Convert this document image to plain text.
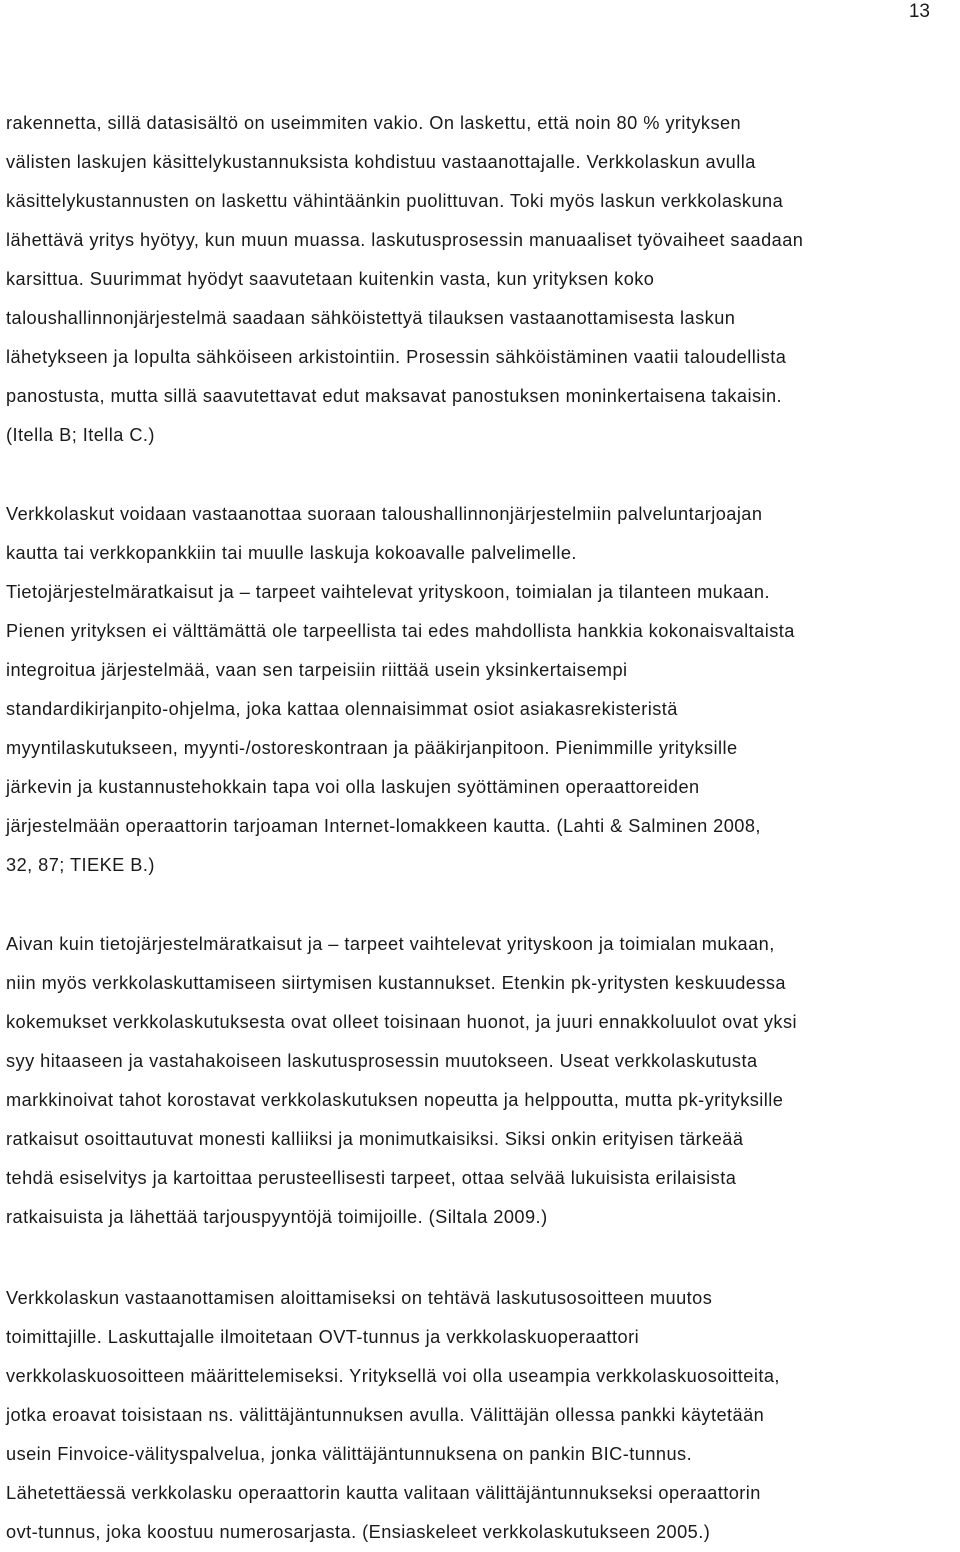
13
rakennetta, sillä datasisältö on useimmiten vakio. On laskettu, että noin 80 % yrityksen
välisten laskujen käsittelykustannuksista kohdistuu vastaanottajalle. Verkkolaskun avulla
käsittelykustannusten on laskettu vähintäänkin puolittuvan. Toki myös laskun verkkolaskuna
lähettävä yritys hyötyy, kun muun muassa. laskutusprosessin manuaaliset työvaiheet saadaan
karsittua. Suurimmat hyödyt saavutetaan kuitenkin vasta, kun yrityksen koko
taloushallinnonjärjestelmä saadaan sähköistettyä tilauksen vastaanottamisesta laskun
lähetykseen ja lopulta sähköiseen arkistointiin. Prosessin sähköistäminen vaatii taloudellista
panostusta, mutta sillä saavutettavat edut maksavat panostuksen moninkertaisena takaisin.
(Itella B; Itella C.)
Verkkolaskut voidaan vastaanottaa suoraan taloushallinnonjärjestelmiin palveluntarjoajan
kautta tai verkkopankkiin tai muulle laskuja kokoavalle palvelimelle.
Tietojärjestelmäratkaisut ja – tarpeet vaihtelevat yrityskoon, toimialan ja tilanteen mukaan.
Pienen yrityksen ei välttämättä ole tarpeellista tai edes mahdollista hankkia kokonaisvaltaista
integroitua järjestelmää, vaan sen tarpeisiin riittää usein yksinkertaisempi
standardikirjanpito-ohjelma, joka kattaa olennaisimmat osiot asiakasrekisteristä
myyntilaskutukseen, myynti-/ostoreskontraan ja pääkirjanpitoon. Pienimmille yrityksille
järkevin ja kustannustehokkain tapa voi olla laskujen syöttäminen operaattoreiden
järjestelmään operaattorin tarjoaman Internet-lomakkeen kautta. (Lahti & Salminen 2008,
32, 87; TIEKE B.)
Aivan kuin tietojärjestelmäratkaisut ja – tarpeet vaihtelevat yrityskoon ja toimialan mukaan,
niin myös verkkolaskuttamiseen siirtymisen kustannukset. Etenkin pk-yritysten keskuudessa
kokemukset verkkolaskutuksesta ovat olleet toisinaan huonot, ja juuri ennakkoluulot ovat yksi
syy hitaaseen ja vastahakoiseen laskutusprosessin muutokseen. Useat verkkolaskutusta
markkinoivat tahot korostavat verkkolaskutuksen nopeutta ja helppoutta, mutta pk-yrityksille
ratkaisut osoittautuvat monesti kalliiksi ja monimutkaisiksi. Siksi onkin erityisen tärkeää
tehdä esiselvitys ja kartoittaa perusteellisesti tarpeet, ottaa selvää lukuisista erilaisista
ratkaisuista ja lähettää tarjouspyyntöjä toimijoille. (Siltala 2009.)
Verkkolaskun vastaanottamisen aloittamiseksi on tehtävä laskutusosoitteen muutos
toimittajille. Laskuttajalle ilmoitetaan OVT-tunnus ja verkkolaskuoperaattori
verkkolaskuosoitteen määrittelemiseksi. Yrityksellä voi olla useampia verkkolaskuosoitteita,
jotka eroavat toisistaan ns. välittäjäntunnuksen avulla. Välittäjän ollessa pankki käytetään
usein Finvoice-välityspalvelua, jonka välittäjäntunnuksena on pankin BIC-tunnus.
Lähetettäessä verkkolasku operaattorin kautta valitaan välittäjäntunnukseksi operaattorin
ovt-tunnus, joka koostuu numerosarjasta. (Ensiaskeleet verkkolaskutukseen 2005.)
